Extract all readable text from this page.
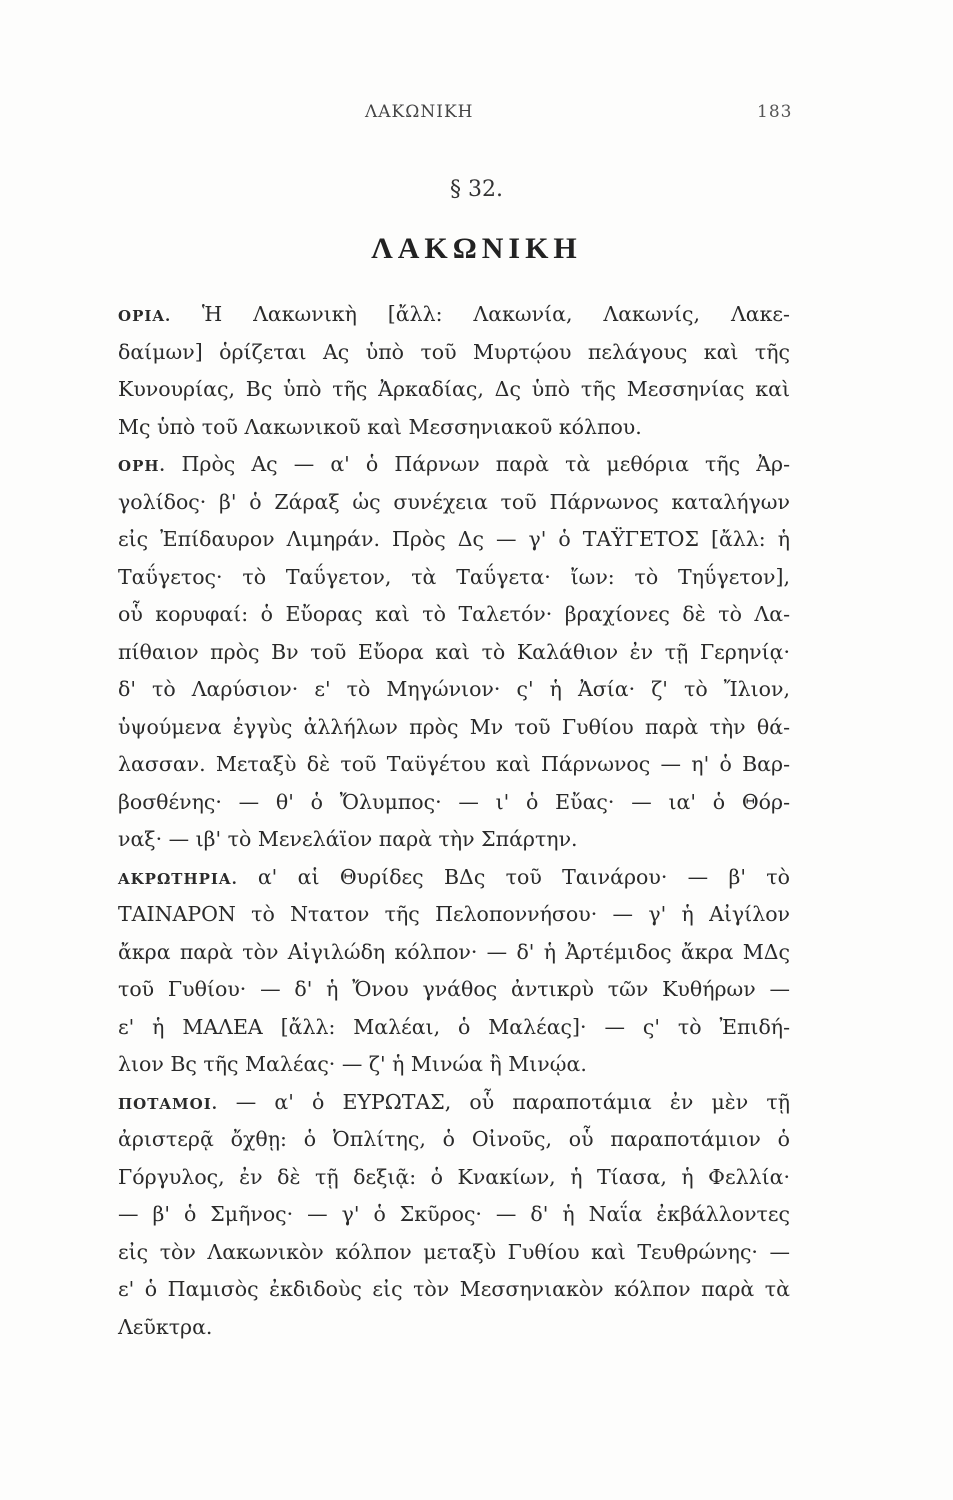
ΛΑΚΩΝΙΚΗ	183
§ 32.
ΛΑΚΩΝΙΚΗ
ΟΡΙΑ. Ἡ Λακωνικὴ [ἄλλ: Λακωνία, Λακωνίς, Λακε-
δαίμων] ὁρίζεται Ας ὑπὸ τοῦ Μυρτῴου πελάγους καὶ τῆς
Κυνουρίας, Βς ὑπὸ τῆς Ἀρκαδίας, Δς ὑπὸ τῆς Μεσσηνίας καὶ
Μς ὑπὸ τοῦ Λακωνικοῦ καὶ Μεσσηνιακοῦ κόλπου.
ΟΡΗ. Πρὸς Ας — α' ὁ Πάρνων παρὰ τὰ μεθόρια τῆς Ἀρ-
γολίδος· β' ὁ Ζάραξ ὡς συνέχεια τοῦ Πάρνωνος καταλήγων
εἰς Ἐπίδαυρον Λιμηράν. Πρὸς Δς — γ' ὁ ΤΑΫΓΕΤΟΣ [ἄλλ: ἡ
Ταΰγετος· τὸ Ταΰγετον, τὰ Ταΰγετα· ἴων: τὸ Τηΰγετον],
οὗ κορυφαί: ὁ Εὔορας καὶ τὸ Ταλετόν· βραχίονες δὲ τὸ Λα-
πίθαιον πρὸς Βν τοῦ Εὔορα καὶ τὸ Καλάθιον ἐν τῇ Γερηνίᾳ·
δ' τὸ Λαρύσιον· ε' τὸ Μηγώνιον· ς' ἡ Ἀσία· ζ' τὸ Ἴλιον,
ὑψούμενα ἐγγὺς ἀλλήλων πρὸς Μν τοῦ Γυθίου παρὰ τὴν θά-
λασσαν. Μεταξὺ δὲ τοῦ Ταϋγέτου καὶ Πάρνωνος — η' ὁ Βαρ-
βοσθένης· — θ' ὁ Ὄλυμπος· — ι' ὁ Εὔας· — ια' ὁ Θόρ-
ναξ· — ιβ' τὸ Μενελάϊον παρὰ τὴν Σπάρτην.
ΑΚΡΩΤΗΡΙΑ. α' αἱ Θυρίδες ΒΔς τοῦ Ταινάρου· — β' τὸ
ΤΑΙΝΑΡΟΝ τὸ Ντατον τῆς Πελοποννήσου· — γ' ἡ Αἰγίλον
ἄκρα παρὰ τὸν Αἰγιλώδη κόλπον· — δ' ἡ Ἀρτέμιδος ἄκρα ΜΔς
τοῦ Γυθίου· — δ' ἡ Ὄνου γνάθος ἀντικρὺ τῶν Κυθήρων —
ε' ἡ ΜΑΛΕΑ [ἄλλ: Μαλέαι, ὁ Μαλέας]· — ς' τὸ Ἐπιδή-
λιον Βς τῆς Μαλέας· — ζ' ἡ Μινώα ἢ Μινῴα.
ΠΟΤΑΜΟΙ. — α' ὁ ΕΥΡΩΤΑΣ, οὗ παραποτάμια ἐν μὲν τῇ
ἀριστερᾷ ὄχθῃ: ὁ Ὀπλίτης, ὁ Οἰνοῦς, οὗ παραποτάμιον ὁ
Γόργυλος, ἐν δὲ τῇ δεξιᾷ: ὁ Κνακίων, ἡ Τίασα, ἡ Φελλία·
— β' ὁ Σμῆνος· — γ' ὁ Σκῦρος· — δ' ἡ Ναΐα ἐκβάλλοντες
εἰς τὸν Λακωνικὸν κόλπον μεταξὺ Γυθίου καὶ Τευθρώνης· —
ε' ὁ Παμισὸς ἐκδιδοὺς εἰς τὸν Μεσσηνιακὸν κόλπον παρὰ τὰ
Λεῦκτρα.
